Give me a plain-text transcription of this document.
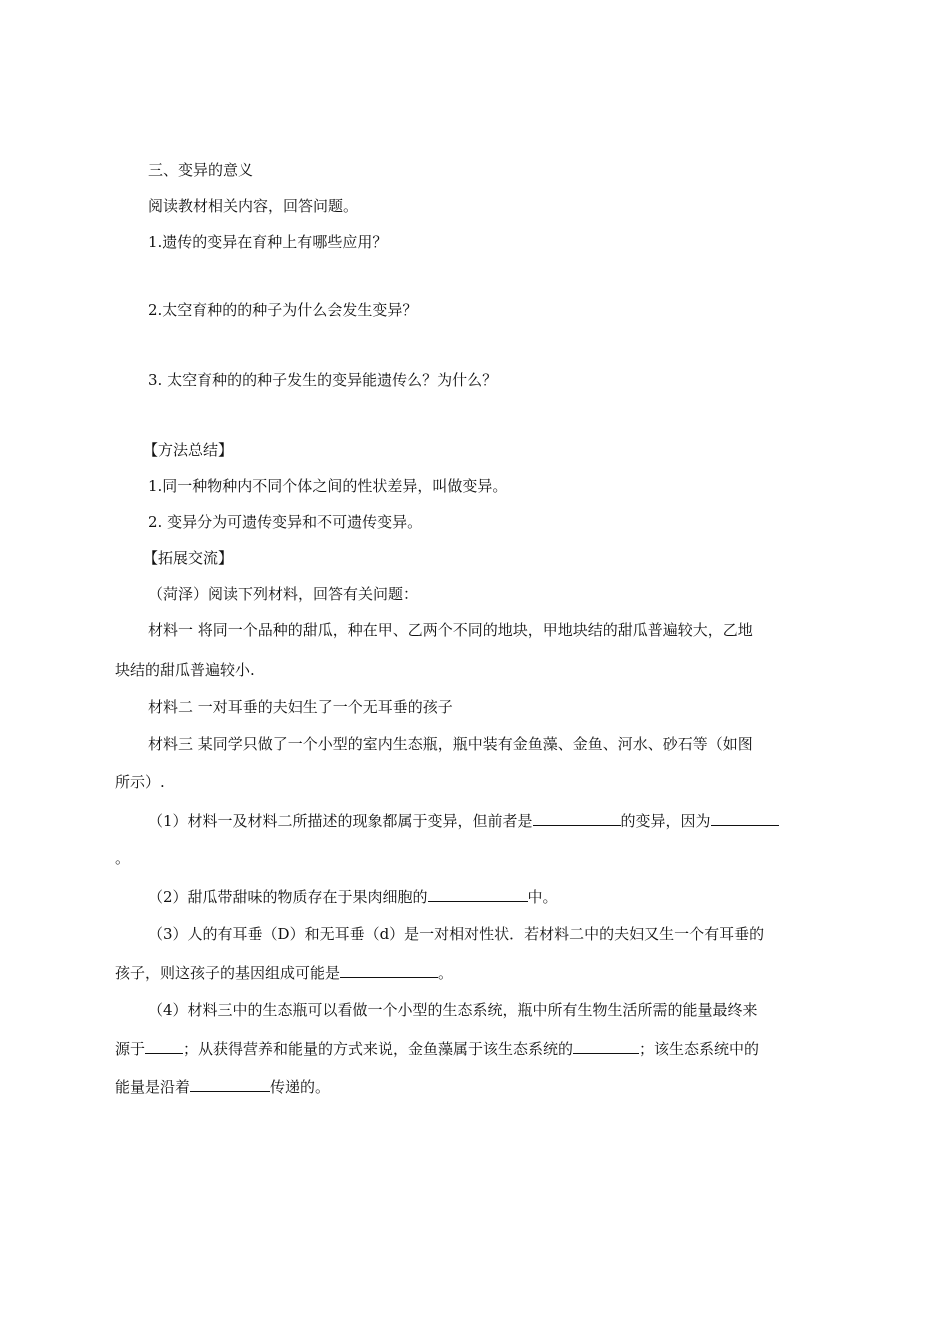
三、变异的意义
阅读教材相关内容，回答问题。
1.遗传的变异在育种上有哪些应用？
2.太空育种的的种子为什么会发生变异？
3. 太空育种的的种子发生的变异能遗传么？为什么？
【方法总结】
1.同一种物种内不同个体之间的性状差异，叫做变异。
2. 变异分为可遗传变异和不可遗传变异。
【拓展交流】
（菏泽）阅读下列材料，回答有关问题：
材料一 将同一个品种的甜瓜，种在甲、乙两个不同的地块，甲地块结的甜瓜普遍较大，乙地
块结的甜瓜普遍较小.
材料二 一对耳垂的夫妇生了一个无耳垂的孩子
材料三 某同学只做了一个小型的室内生态瓶，瓶中装有金鱼藻、金鱼、河水、砂石等（如图
所示）.
（1）材料一及材料二所描述的现象都属于变异，但前者是	的变异，因为
。
（2）甜瓜带甜味的物质存在于果肉细胞的	中。
（3）人的有耳垂（D）和无耳垂（d）是一对相对性状．若材料二中的夫妇又生一个有耳垂的
孩子，则这孩子的基因组成可能是	。
（4）材料三中的生态瓶可以看做一个小型的生态系统，瓶中所有生物生活所需的能量最终来
源于	；从获得营养和能量的方式来说，金鱼藻属于该生态系统的	；该生态系统中的
能量是沿着	传递的。
